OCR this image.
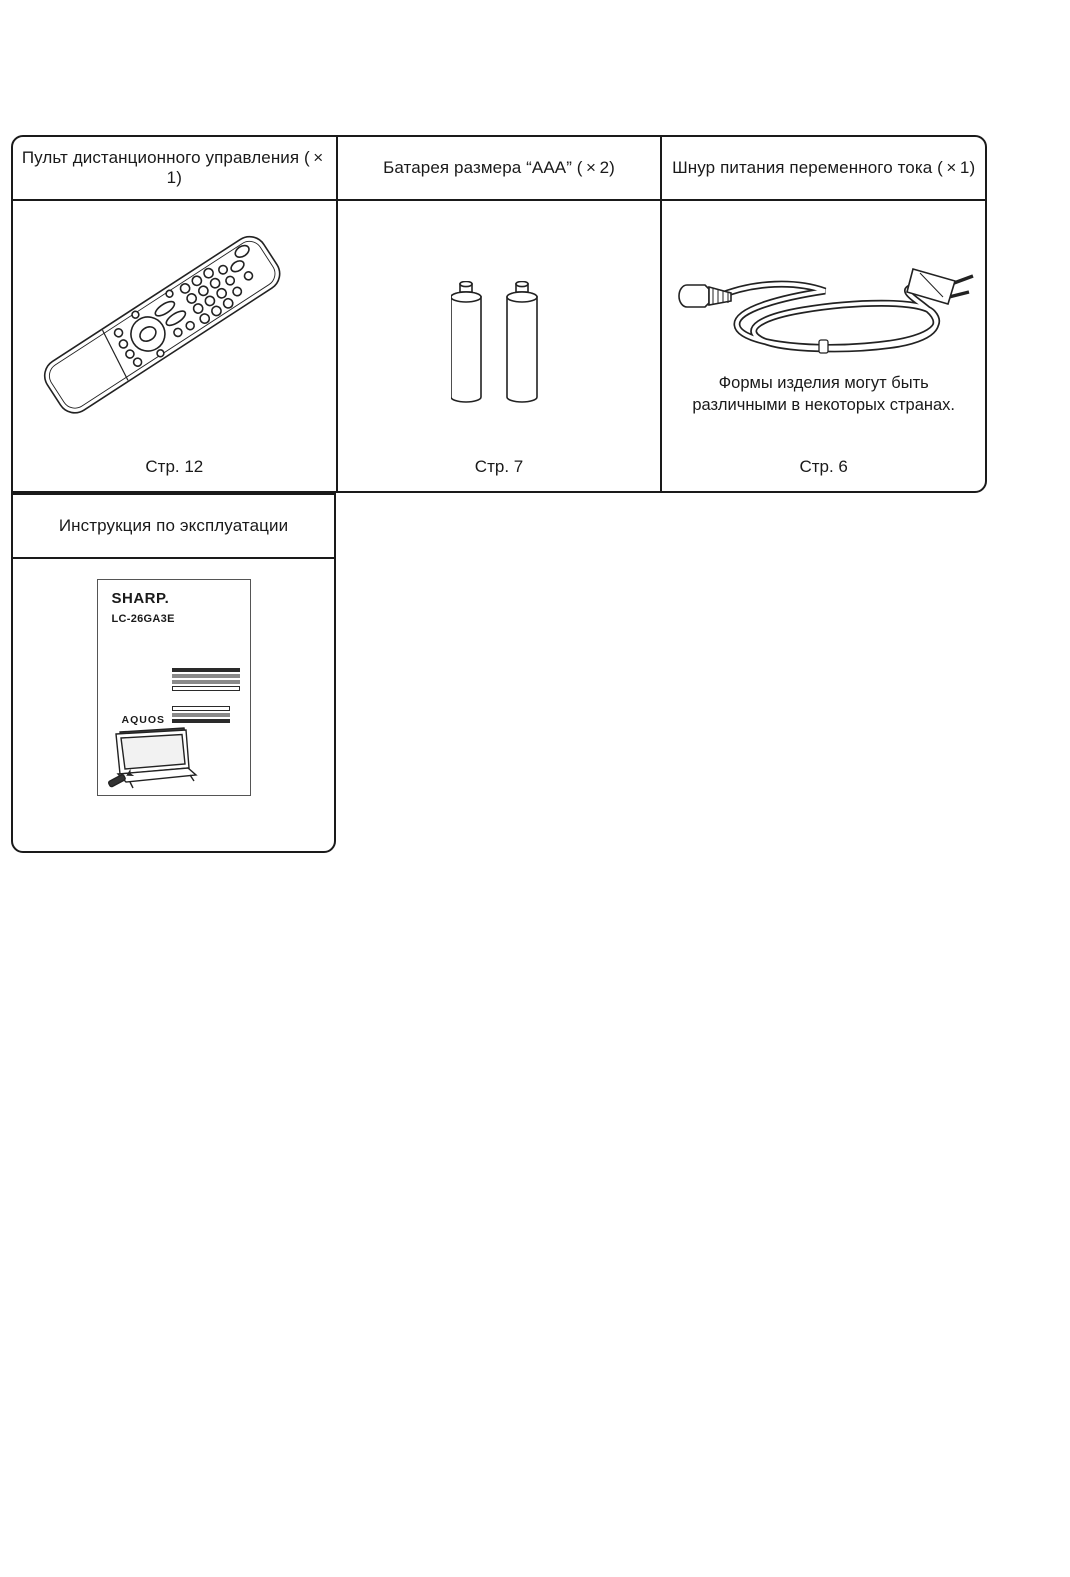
Пульт дистанционного управления ( × 1)
Стр. 12
Батарея размера “AAA” ( × 2)
Стр. 7
Шнур питания переменного тока ( × 1)
Формы изделия могут быть различными в некоторых странах.
Стр. 6
Инструкция по эксплуатации
SHARP.
LC-26GA3E
AQUOS
